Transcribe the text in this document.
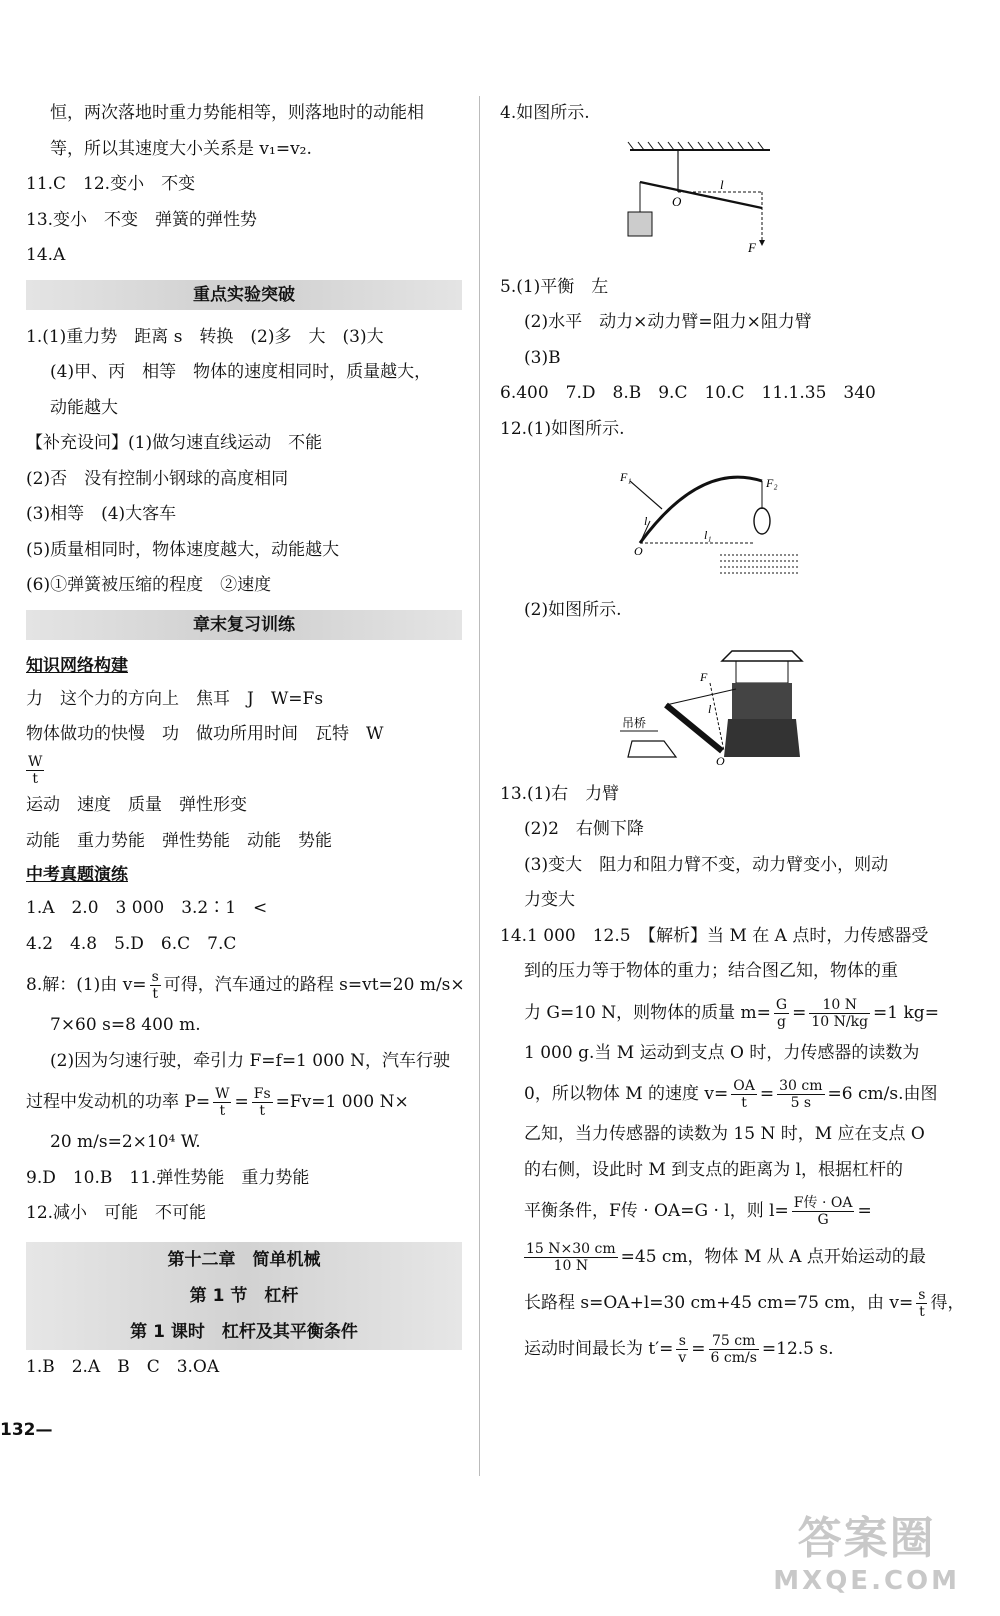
恒，两次落地时重力势能相等，则落地时的动能相
等，所以其速度大小关系是 v₁=v₂.
11.C　12.变小　不变
13.变小　不变　弹簧的弹性势
14.A
重点实验突破
1.(1)重力势　距离 s　转换　(2)多　大　(3)大
(4)甲、丙　相等　物体的速度相同时，质量越大，
动能越大
【补充设问】(1)做匀速直线运动　不能
(2)否　没有控制小钢球的高度相同
(3)相等　(4)大客车
(5)质量相同时，物体速度越大，动能越大
(6)①弹簧被压缩的程度　②速度
章末复习训练
知识网络构建
力　这个力的方向上　焦耳　J　W=Fs
物体做功的快慢　功　做功所用时间　瓦特　W
$\frac{W}{t}$
运动　速度　质量　弹性形变
动能　重力势能　弹性势能　动能　势能
中考真题演练
1.A　2.0　3 000　3.2∶1　<
4.2　4.8　5.D　6.C　7.C
8.解：(1)由 $v= \frac{s}{t}$ 可得，汽车通过的路程 s=vt=20 m/s×
7×60 s=8 400 m.
(2)因为匀速行驶，牵引力 F=f=1 000 N，汽车行驶
过程中发动机的功率 $P= \frac{W}{t} = \frac{Fs}{t} =Fv=1$ 000 N×
20 m/s=2×10⁴ W.
9.D　10.B　11.弹性势能　重力势能
12.减小　可能　不可能
第十二章　简单机械
第 1 节　杠杆
第 1 课时　杠杆及其平衡条件
1.B　2.A　B　C　3.OA
132—
4.如图所示.
O
l
F
5.(1)平衡　左
(2)水平　动力×动力臂=阻力×阻力臂
(3)B
6.400　7.D　8.B　9.C　10.C　11.1.35　340
12.(1)如图所示.
F₁	F₂
l₁
l
O
(2)如图所示.
吊桥
F
l
O
13.(1)右　力臂
(2)2　右侧下降
(3)变大　阻力和阻力臂不变，动力臂变小，则动
力变大
14.1 000　12.5　【解析】当 M 在 A 点时，力传感器受
到的压力等于物体的重力；结合图乙知，物体的重
力 G=10 N，则物体的质量 $m= \frac{G}{g} = \frac{10 N}{10 N/kg} =1$ kg=
1 000 g.当 M 运动到支点 O 时，力传感器的读数为
0，所以物体 M 的速度 $v= \frac{OA}{t} = \frac{30 cm}{5 s} =6$ cm/s.由图
乙知，当力传感器的读数为 15 N 时，M 应在支点 O
的右侧，设此时 M 到支点的距离为 l，根据杠杆的
平衡条件，F传 · OA=G · l，则 $l= \frac{\text{F传 · OA}}{G}$ =
$\frac{15 N\times 30 cm}{10 N} =45$ cm，物体 M 从 A 点开始运动的最
长路程 s=OA+l=30 cm+45 cm=75 cm，由 $v= \frac{s}{t}$ 得，
运动时间最长为 $t'= \frac{s}{v} = \frac{75 cm}{6 cm/s} =12.5$ s.
答案圈
MXQE.COM
